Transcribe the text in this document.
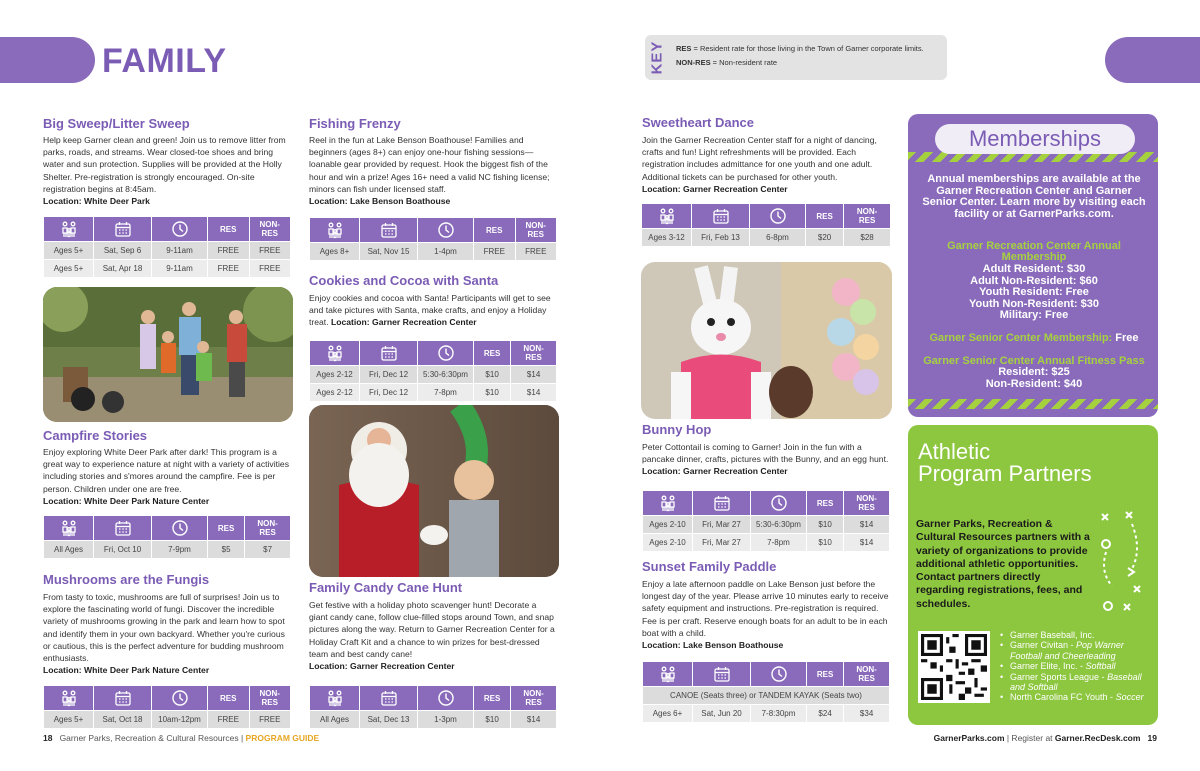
FAMILY	KEY RES = Resident rate for those living in the Town of Garner corporate limits.
NON-RES = Non-resident rate
Big Sweep/Litter Sweep
Help keep Garner clean and green! Join us to remove litter from parks, roads, and streams. Wear closed-toe shoes and bring water and sun protection. Supplies will be provided at the Holly Shelter. Pre-registration is strongly encouraged. On-site registration begins at 8:45am.
Location: White Deer Park
			RES	NON-
RES
Ages 5+	Sat, Sep 6	9-11am	FREE	FREE
Ages 5+	Sat, Apr 18	9-11am	FREE	FREE
Campfire Stories
Enjoy exploring White Deer Park after dark! This program is a great way to experience nature at night with a variety of activities including stories and s'mores around the campfire. Fee is per person. Children under one are free.
Location: White Deer Park Nature Center
			RES	NON-
RES
All Ages	Fri, Oct 10	7-9pm	$5	$7
Mushrooms are the Fungis
From tasty to toxic, mushrooms are full of surprises! Join us to explore the fascinating world of fungi. Discover the incredible variety of mushrooms growing in the park and learn how to spot and identify them in your own backyard. Whether you're curious or cautious, this is the perfect adventure for budding mushroom enthusiasts.
Location: White Deer Park Nature Center
			RES	NON-
RES
Ages 5+	Sat, Oct 18	10am-12pm	FREE	FREE
Fishing Frenzy
Reel in the fun at Lake Benson Boathouse! Families and beginners (ages 8+) can enjoy one-hour fishing sessions—loanable gear provided by request. Hook the biggest fish of the hour and win a prize! Ages 16+ need a valid NC fishing license; minors can fish under licensed staff.
Location: Lake Benson Boathouse
			RES	NON-
RES
Ages 8+	Sat, Nov 15	1-4pm	FREE	FREE
Cookies and Cocoa with Santa
Enjoy cookies and cocoa with Santa! Participants will get to see and take pictures with Santa, make crafts, and enjoy a Holiday treat. Location: Garner Recreation Center
			RES	NON-
RES
Ages 2-12	Fri, Dec 12	5:30-6:30pm	$10	$14
Ages 2-12	Fri, Dec 12	7-8pm	$10	$14
Family Candy Cane Hunt
Get festive with a holiday photo scavenger hunt! Decorate a giant candy cane, follow clue-filled stops around Town, and snap pictures along the way. Return to Garner Recreation Center for a Holiday Craft Kit and a chance to win prizes for best-dressed team and best candy cane!
Location: Garner Recreation Center
			RES	NON-
RES
All Ages	Sat, Dec 13	1-3pm	$10	$14
Sweetheart Dance
Join the Garner Recreation Center staff for a night of dancing, crafts and fun! Light refreshments will be provided. Each registration includes admittance for one youth and one adult. Additional tickets can be purchased for other youth.
Location: Garner Recreation Center
			RES	NON-
RES
Ages 3-12	Fri, Feb 13	6-8pm	$20	$28
Bunny Hop
Peter Cottontail is coming to Garner! Join in the fun with a pancake dinner, crafts, pictures with the Bunny, and an egg hunt. Location: Garner Recreation Center
			RES	NON-
RES
Ages 2-10	Fri, Mar 27	5:30-6:30pm	$10	$14
Ages 2-10	Fri, Mar 27	7-8pm	$10	$14
Sunset Family Paddle
Enjoy a late afternoon paddle on Lake Benson just before the longest day of the year. Please arrive 10 minutes early to receive safety equipment and instructions. Pre-registration is required. Fee is per craft. Reserve enough boats for an adult to be in each boat with a child.
Location: Lake Benson Boathouse
			RES	NON-
RES
CANOE (Seats three) or TANDEM KAYAK (Seats two)				
Ages 6+	Sat, Jun 20	7-8:30pm	$24	$34
Memberships
Annual memberships are available at the Garner Recreation Center and Garner Senior Center. Learn more by visiting each facility or at GarnerParks.com.
Garner Recreation Center Annual Membership
Adult Resident: $30
Adult Non-Resident: $60
Youth Resident: Free
Youth Non-Resident: $30
Military: Free
Garner Senior Center Membership: Free
Garner Senior Center Annual Fitness Pass
Resident: $25
Non-Resident: $40
Athletic
Program Partners
Garner Parks, Recreation & Cultural Resources partners with a variety of organizations to provide additional athletic opportunities. Contact partners directly regarding registrations, fees, and schedules.
• Garner Baseball, Inc.
• Garner Civitan - Pop Warner Football and Cheerleading
• Garner Elite, Inc. - Softball
• Garner Sports League - Baseball and Softball
• North Carolina FC Youth - Soccer
18 Garner Parks, Recreation & Cultural Resources | PROGRAM GUIDE	GarnerParks.com | Register at Garner.RecDesk.com 19
